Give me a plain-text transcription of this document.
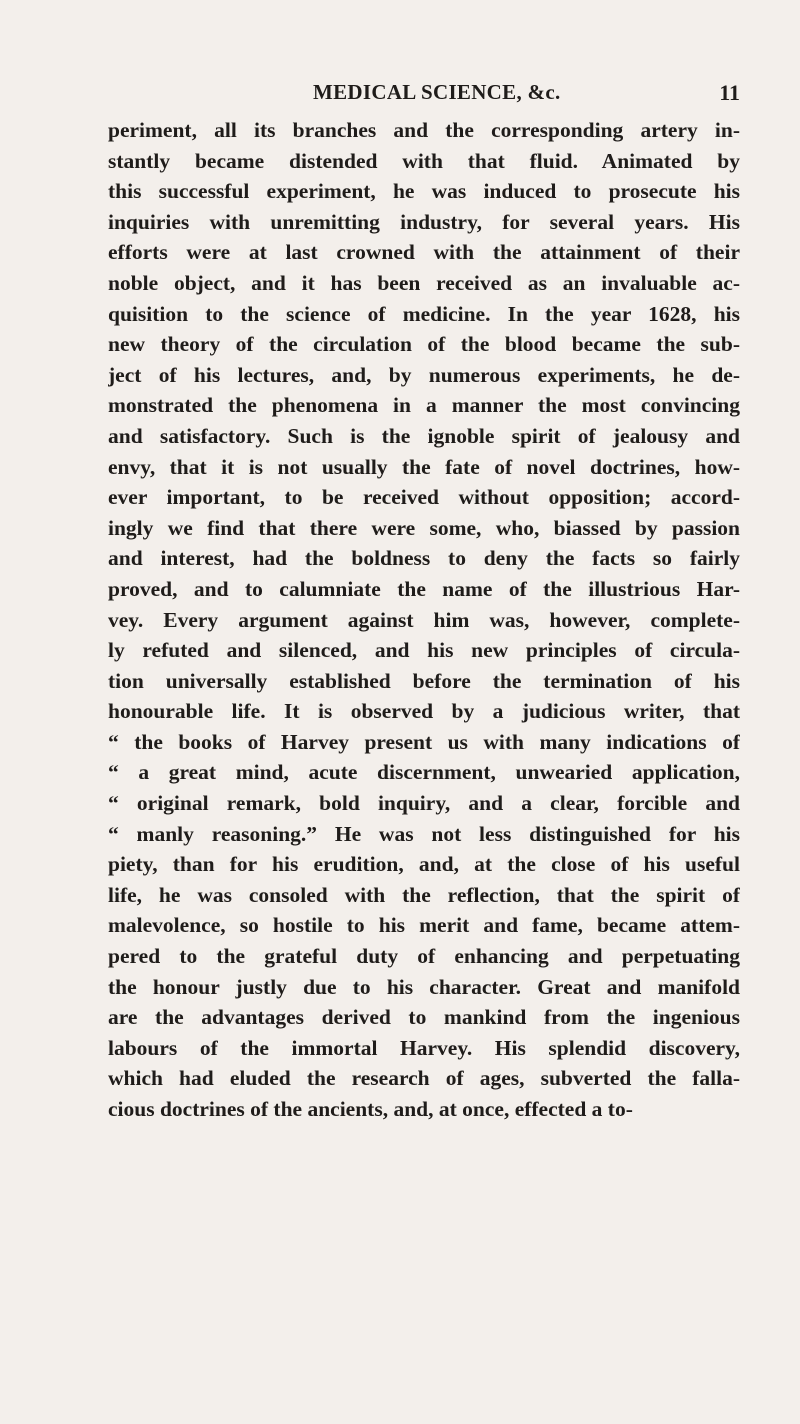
MEDICAL SCIENCE, &c.	11
periment, all its branches and the corresponding artery in-
stantly became distended with that fluid. Animated by
this successful experiment, he was induced to prosecute his
inquiries with unremitting industry, for several years. His
efforts were at last crowned with the attainment of their
noble object, and it has been received as an invaluable ac-
quisition to the science of medicine. In the year 1628, his
new theory of the circulation of the blood became the sub-
ject of his lectures, and, by numerous experiments, he de-
monstrated the phenomena in a manner the most convincing
and satisfactory. Such is the ignoble spirit of jealousy and
envy, that it is not usually the fate of novel doctrines, how-
ever important, to be received without opposition; accord-
ingly we find that there were some, who, biassed by passion
and interest, had the boldness to deny the facts so fairly
proved, and to calumniate the name of the illustrious Har-
vey. Every argument against him was, however, complete-
ly refuted and silenced, and his new principles of circula-
tion universally established before the termination of his
honourable life. It is observed by a judicious writer, that
“ the books of Harvey present us with many indications of
“ a great mind, acute discernment, unwearied application,
“ original remark, bold inquiry, and a clear, forcible and
“ manly reasoning.” He was not less distinguished for his
piety, than for his erudition, and, at the close of his useful
life, he was consoled with the reflection, that the spirit of
malevolence, so hostile to his merit and fame, became attem-
pered to the grateful duty of enhancing and perpetuating
the honour justly due to his character. Great and manifold
are the advantages derived to mankind from the ingenious
labours of the immortal Harvey. His splendid discovery,
which had eluded the research of ages, subverted the falla-
cious doctrines of the ancients, and, at once, effected a to-
